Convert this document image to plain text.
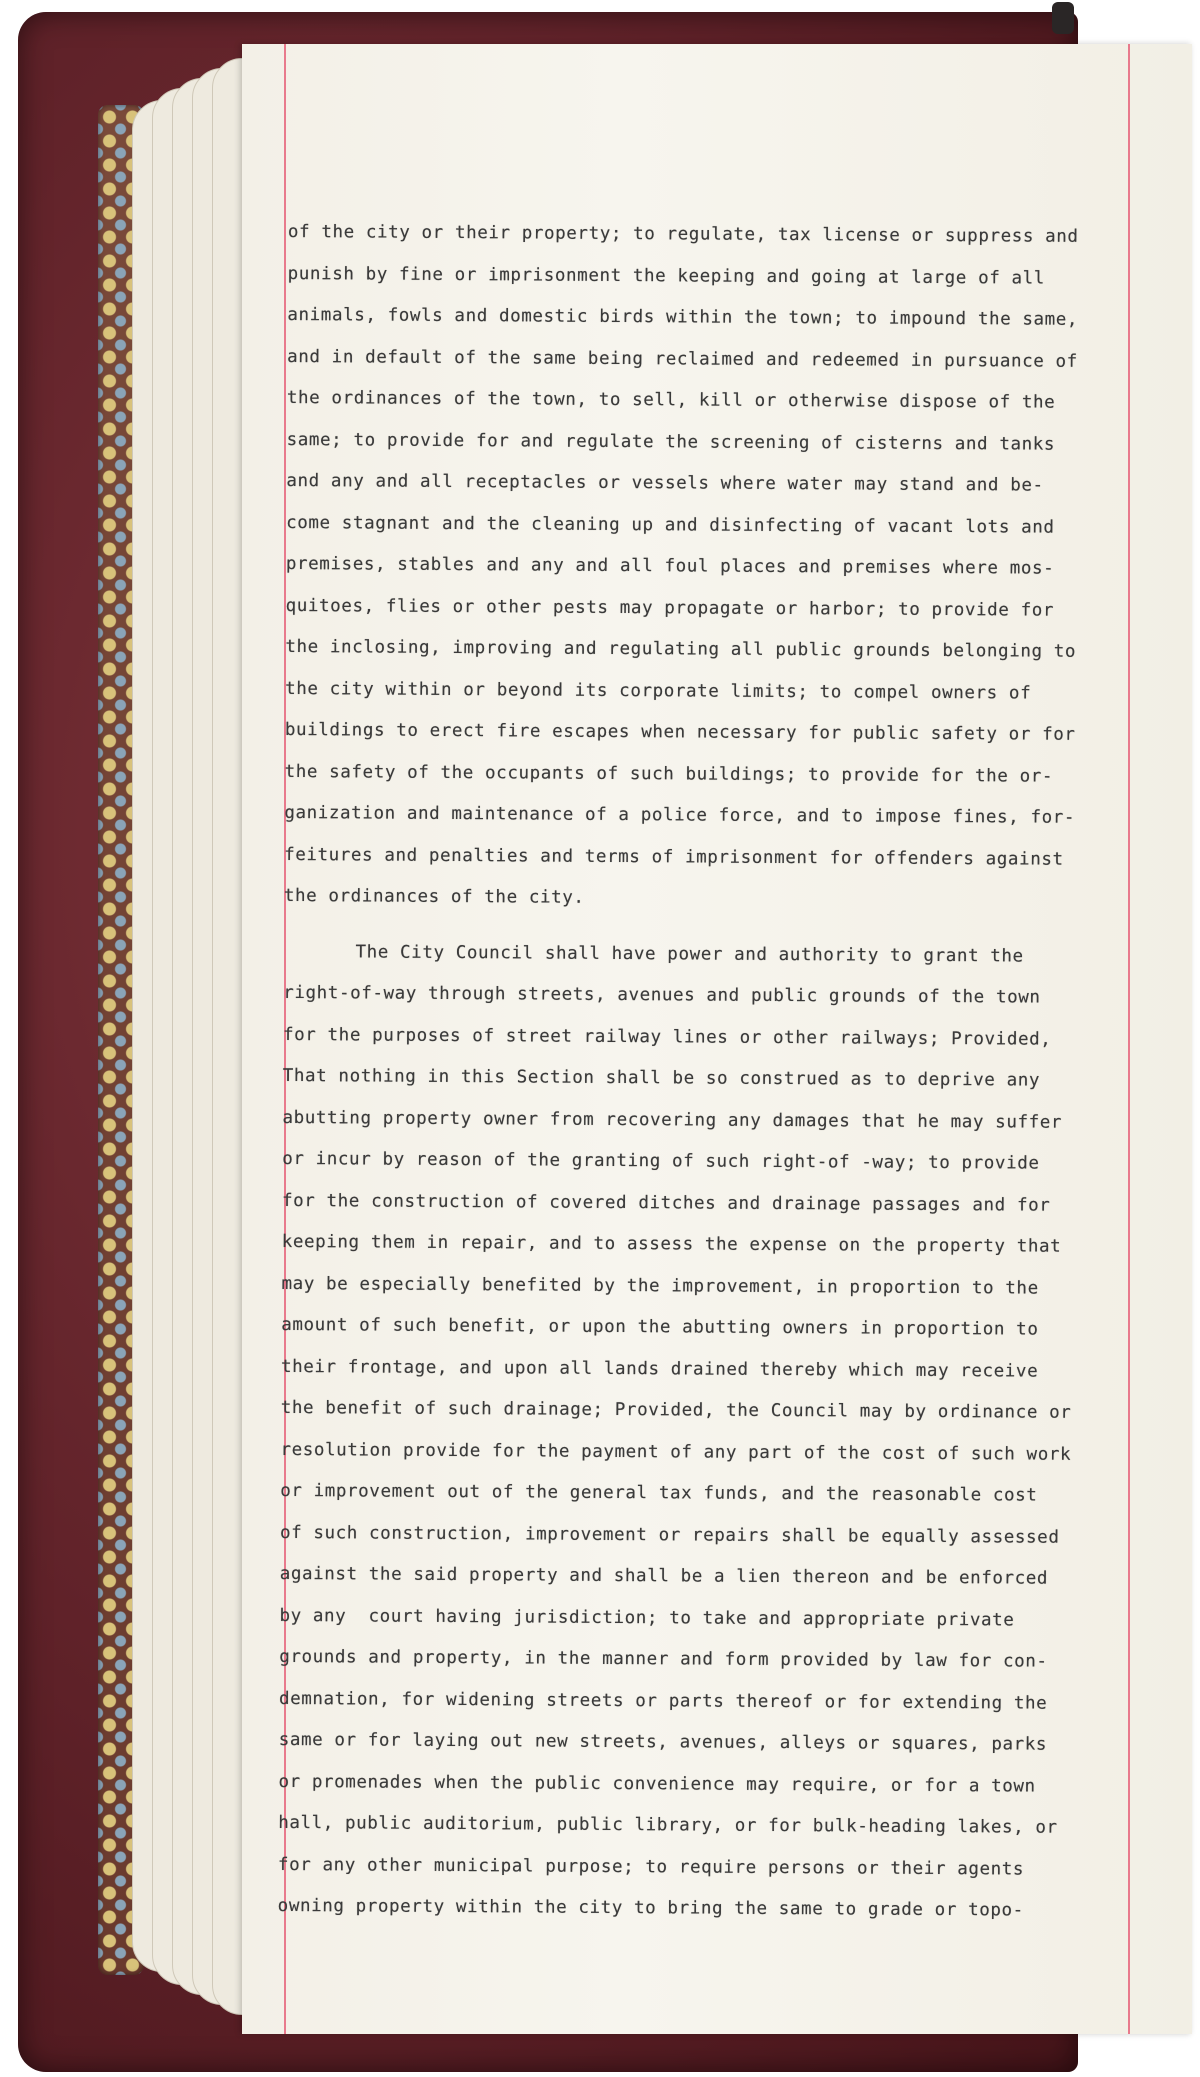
of the city or their property; to regulate, tax license or suppress and
punish by fine or imprisonment the keeping and going at large of all
animals, fowls and domestic birds within the town; to impound the same,
and in default of the same being reclaimed and redeemed in pursuance of
the ordinances of the town, to sell, kill or otherwise dispose of the
same; to provide for and regulate the screening of cisterns and tanks
and any and all receptacles or vessels where water may stand and be-
come stagnant and the cleaning up and disinfecting of vacant lots and
premises, stables and any and all foul places and premises where mos-
quitoes, flies or other pests may propagate or harbor; to provide for
the inclosing, improving and regulating all public grounds belonging to
the city within or beyond its corporate limits; to compel owners of
buildings to erect fire escapes when necessary for public safety or for
the safety of the occupants of such buildings; to provide for the or-
ganization and maintenance of a police force, and to impose fines, for-
feitures and penalties and terms of imprisonment for offenders against
the ordinances of the city.
The City Council shall have power and authority to grant the
right-of-way through streets, avenues and public grounds of the town
for the purposes of street railway lines or other railways; Provided,
That nothing in this Section shall be so construed as to deprive any
abutting property owner from recovering any damages that he may suffer
or incur by reason of the granting of such right-of -way; to provide
for the construction of covered ditches and drainage passages and for
keeping them in repair, and to assess the expense on the property that
may be especially benefited by the improvement, in proportion to the
amount of such benefit, or upon the abutting owners in proportion to
their frontage, and upon all lands drained thereby which may receive
the benefit of such drainage; Provided, the Council may by ordinance or
resolution provide for the payment of any part of the cost of such work
or improvement out of the general tax funds, and the reasonable cost
of such construction, improvement or repairs shall be equally assessed
against the said property and shall be a lien thereon and be enforced
by any  court having jurisdiction; to take and appropriate private
grounds and property, in the manner and form provided by law for con-
demnation, for widening streets or parts thereof or for extending the
same or for laying out new streets, avenues, alleys or squares, parks
or promenades when the public convenience may require, or for a town
hall, public auditorium, public library, or for bulk-heading lakes, or
for any other municipal purpose; to require persons or their agents
owning property within the city to bring the same to grade or topo-
